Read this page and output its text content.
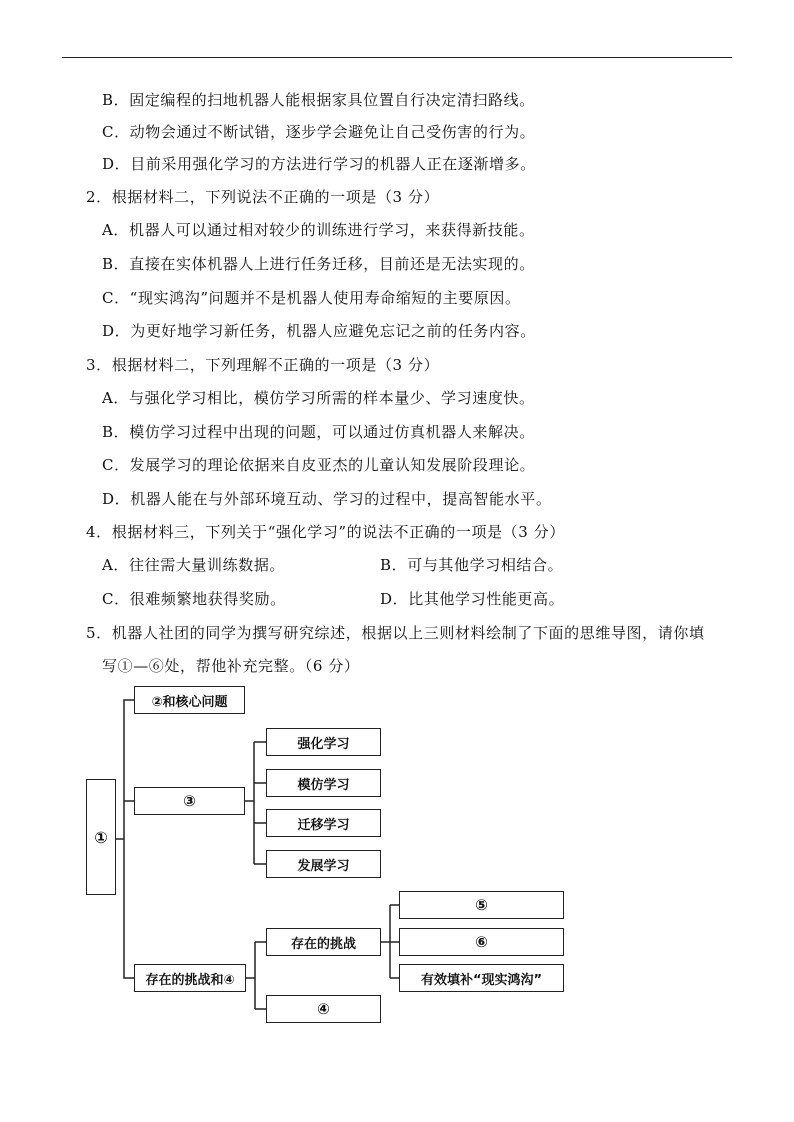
B．固定编程的扫地机器人能根据家具位置自行决定清扫路线。
C．动物会通过不断试错，逐步学会避免让自己受伤害的行为。
D．目前采用强化学习的方法进行学习的机器人正在逐渐增多。
2．根据材料二，下列说法不正确的一项是（3 分）
A．机器人可以通过相对较少的训练进行学习，来获得新技能。
B．直接在实体机器人上进行任务迁移，目前还是无法实现的。
C．“现实鸿沟”问题并不是机器人使用寿命缩短的主要原因。
D．为更好地学习新任务，机器人应避免忘记之前的任务内容。
3．根据材料二，下列理解不正确的一项是（3 分）
A．与强化学习相比，模仿学习所需的样本量少、学习速度快。
B．模仿学习过程中出现的问题，可以通过仿真机器人来解决。
C．发展学习的理论依据来自皮亚杰的儿童认知发展阶段理论。
D．机器人能在与外部环境互动、学习的过程中，提高智能水平。
4．根据材料三，下列关于“强化学习”的说法不正确的一项是（3 分）
A．往往需大量训练数据。	B．可与其他学习相结合。
C．很难频繁地获得奖励。	D．比其他学习性能更高。
5．机器人社团的同学为撰写研究综述，根据以上三则材料绘制了下面的思维导图，请你填
写①—⑥处，帮他补充完整。（6 分）
①
②和核心问题
③
存在的挑战和④
强化学习
模仿学习
迁移学习
发展学习
存在的挑战
④
⑤
⑥
有效填补“现实鸿沟”
